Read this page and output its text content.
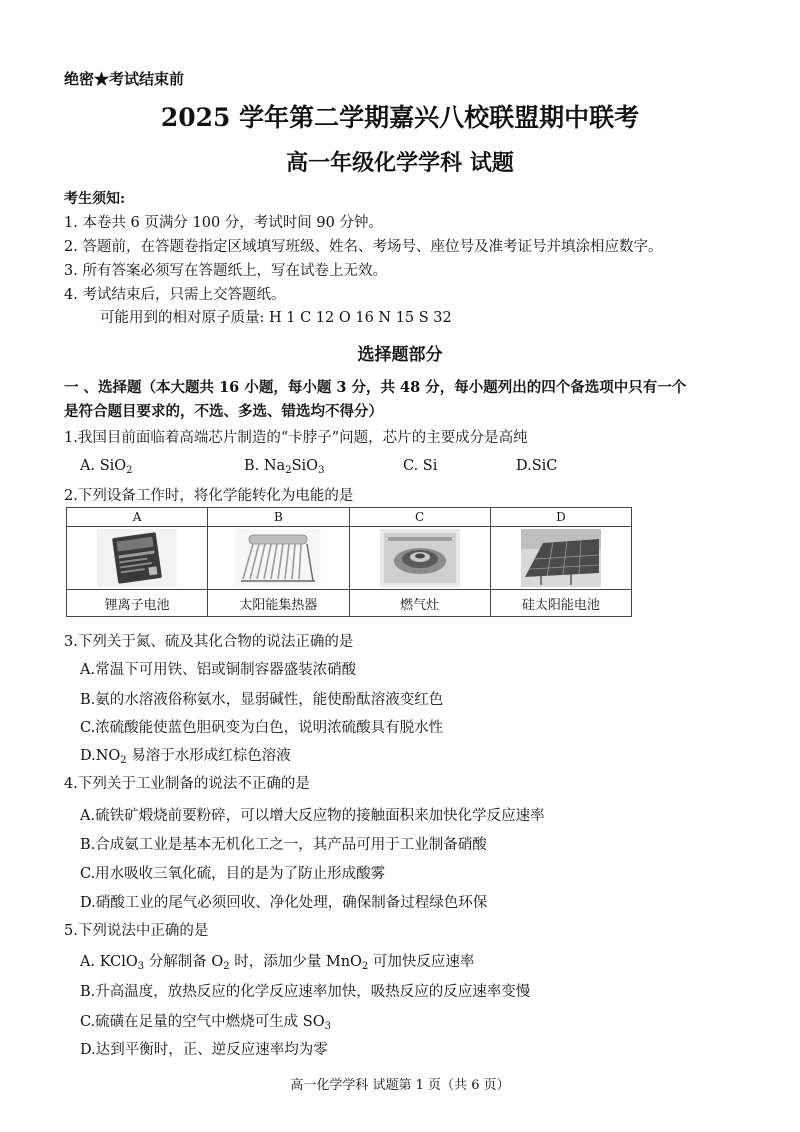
绝密★考试结束前
2025 学年第二学期嘉兴八校联盟期中联考
高一年级化学学科 试题
考生须知:
1. 本卷共 6 页满分 100 分，考试时间 90 分钟。
2. 答题前，在答题卷指定区域填写班级、姓名、考场号、座位号及准考证号并填涂相应数字。
3. 所有答案必须写在答题纸上，写在试卷上无效。
4. 考试结束后，只需上交答题纸。
可能用到的相对原子质量: H 1 C 12 O 16 N 15 S 32
选择题部分
一 、选择题（本大题共 16 小题，每小题 3 分，共 48 分，每小题列出的四个备选项中只有一个
是符合题目要求的，不选、多选、错选均不得分）
1.我国目前面临着高端芯片制造的“卡脖子”问题，芯片的主要成分是高纯
A. SiO$_2$	B. $Na_2SiO_3$	C. Si	D.SiC
2.下列设备工作时，将化学能转化为电能的是
A	B	C	D

锂离子电池	太阳能集热器	燃气灶	硅太阳能电池
3.下列关于氮、硫及其化合物的说法正确的是
A.常温下可用铁、铝或铜制容器盛装浓硝酸
B.氨的水溶液俗称氨水，显弱碱性，能使酚酞溶液变红色
C.浓硫酸能使蓝色胆矾变为白色，说明浓硫酸具有脱水性
$D.NO_2$ 易溶于水形成红棕色溶液
4.下列关于工业制备的说法不正确的是
A.硫铁矿煅烧前要粉碎，可以增大反应物的接触面积来加快化学反应速率
B.合成氨工业是基本无机化工之一，其产品可用于工业制备硝酸
C.用水吸收三氧化硫，目的是为了防止形成酸雾
D.硝酸工业的尾气必须回收、净化处理，确保制备过程绿色环保
5.下列说法中正确的是
A. KClO$_3$ 分解制备 $O_2$ 时，添加少量 MnO$_2$ 可加快反应速率
B.升高温度，放热反应的化学反应速率加快，吸热反应的反应速率变慢
C.硫磺在足量的空气中燃烧可生成 $SO_3$
D.达到平衡时，正、逆反应速率均为零
高一化学学科 试题第 1 页（共 6 页）
